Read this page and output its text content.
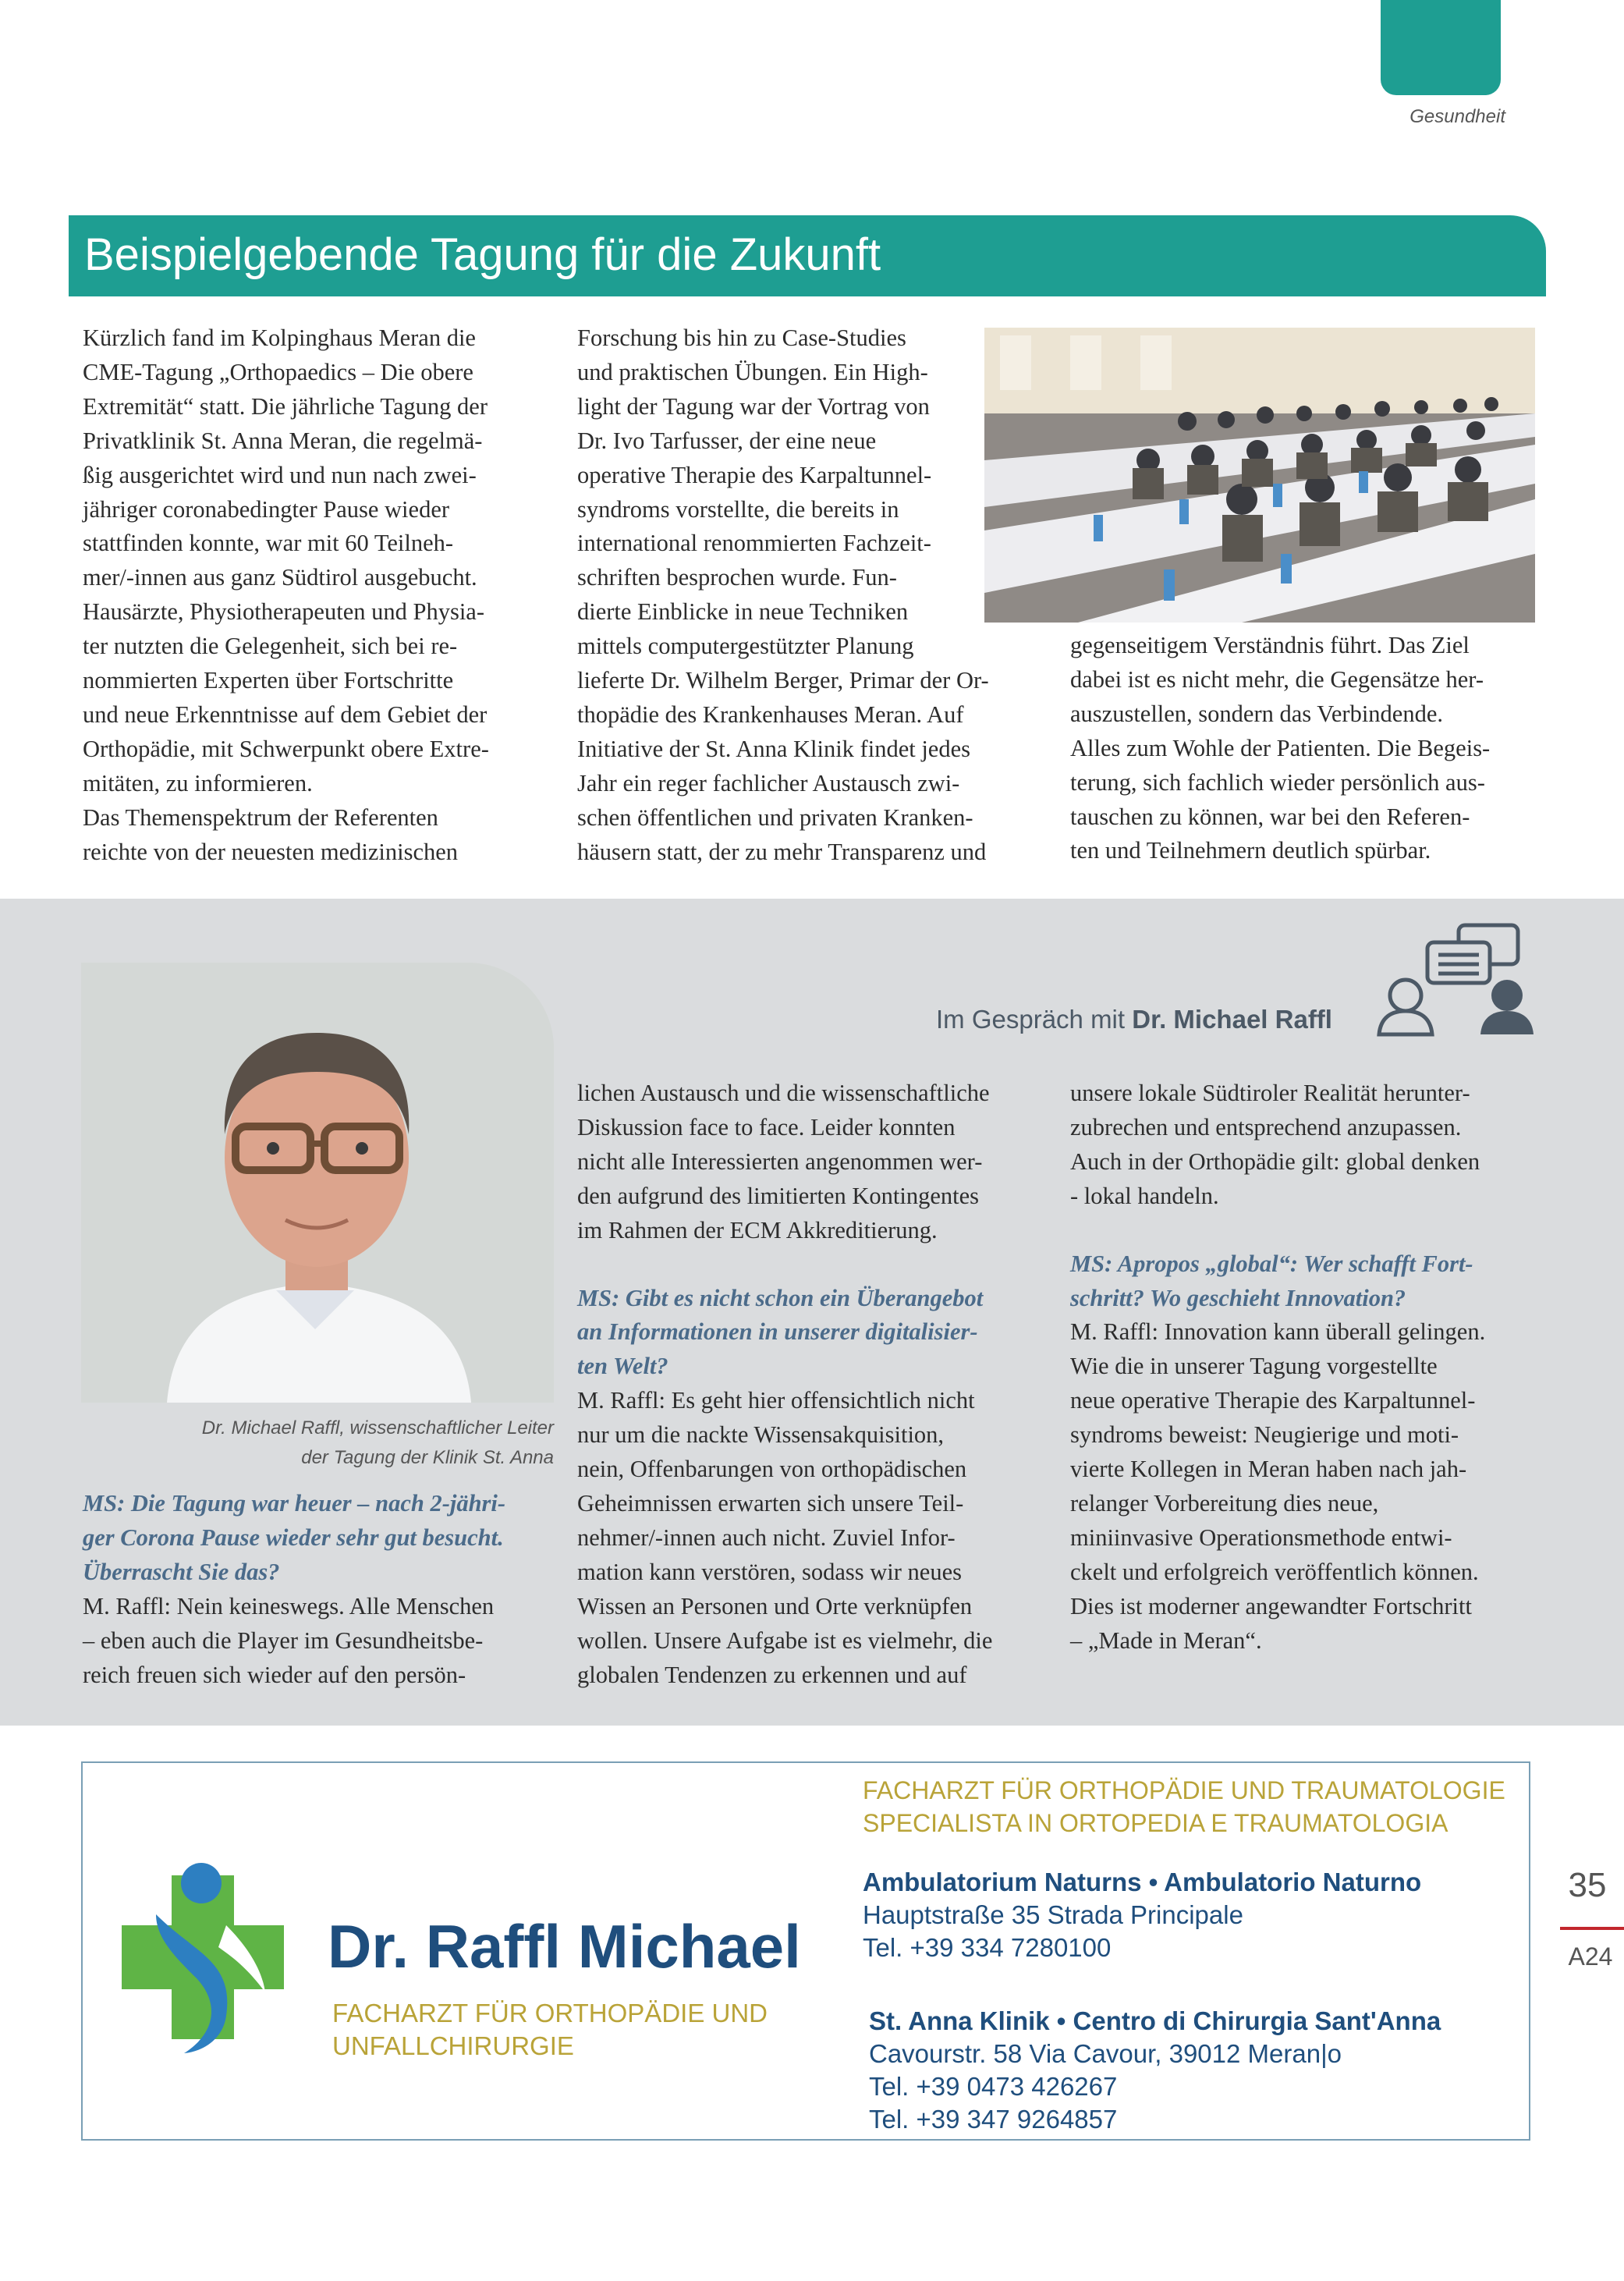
Gesundheit
Beispielgebende Tagung für die Zukunft
Kürzlich fand im Kolpinghaus Meran die
CME-Tagung „Orthopaedics – Die obere
Extremität“ statt. Die jährliche Tagung der
Privatklinik St. Anna Meran, die regelmä-
ßig ausgerichtet wird und nun nach zwei-
jähriger coronabedingter Pause wieder
stattfinden konnte, war mit 60 Teilneh-
mer/-innen aus ganz Südtirol ausgebucht.
Hausärzte, Physiotherapeuten und Physia-
ter nutzten die Gelegenheit, sich bei re-
nommierten Experten über Fortschritte
und neue Erkenntnisse auf dem Gebiet der
Orthopädie, mit Schwerpunkt obere Extre-
mitäten, zu informieren.
Das Themenspektrum der Referenten
reichte von der neuesten medizinischen
Forschung bis hin zu Case-Studies
und praktischen Übungen. Ein High-
light der Tagung war der Vortrag von
Dr. Ivo Tarfusser, der eine neue
operative Therapie des Karpaltunnel-
syndroms vorstellte, die bereits in
international renommierten Fachzeit-
schriften besprochen wurde. Fun-
dierte Einblicke in neue Techniken
mittels computergestützter Planung
lieferte Dr. Wilhelm Berger, Primar der Or-
thopädie des Krankenhauses Meran. Auf
Initiative der St. Anna Klinik findet jedes
Jahr ein reger fachlicher Austausch zwi-
schen öffentlichen und privaten Kranken-
häusern statt, der zu mehr Transparenz und
gegenseitigem Verständnis führt. Das Ziel
dabei ist es nicht mehr, die Gegensätze her-
auszustellen, sondern das Verbindende.
Alles zum Wohle der Patienten. Die Begeis-
terung, sich fachlich wieder persönlich aus-
tauschen zu können, war bei den Referen-
ten und Teilnehmern deutlich spürbar.
Dr. Michael Raffl, wissenschaftlicher Leiter
der Tagung der Klinik St. Anna
Im Gespräch mit Dr. Michael Raffl
MS: Die Tagung war heuer – nach 2-jähri-
ger Corona Pause wieder sehr gut besucht.
Überrascht Sie das?
M. Raffl: Nein keineswegs. Alle Menschen
– eben auch die Player im Gesundheitsbe-
reich freuen sich wieder auf den persön-
lichen Austausch und die wissenschaftliche
Diskussion face to face. Leider konnten
nicht alle Interessierten angenommen wer-
den aufgrund des limitierten Kontingentes
im Rahmen der ECM Akkreditierung.
MS: Gibt es nicht schon ein Überangebot
an Informationen in unserer digitalisier-
ten Welt?
M. Raffl: Es geht hier offensichtlich nicht
nur um die nackte Wissensakquisition,
nein, Offenbarungen von orthopädischen
Geheimnissen erwarten sich unsere Teil-
nehmer/-innen auch nicht. Zuviel Infor-
mation kann verstören, sodass wir neues
Wissen an Personen und Orte verknüpfen
wollen. Unsere Aufgabe ist es vielmehr, die
globalen Tendenzen zu erkennen und auf
unsere lokale Südtiroler Realität herunter-
zubrechen und entsprechend anzupassen.
Auch in der Orthopädie gilt: global denken
- lokal handeln.
MS: Apropos „global“: Wer schafft Fort-
schritt? Wo geschieht Innovation?
M. Raffl: Innovation kann überall gelingen.
Wie die in unserer Tagung vorgestellte
neue operative Therapie des Karpaltunnel-
syndroms beweist: Neugierige und moti-
vierte Kollegen in Meran haben nach jah-
relanger Vorbereitung dies neue,
miniinvasive Operationsmethode entwi-
ckelt und erfolgreich veröffentlich können.
Dies ist moderner angewandter Fortschritt
– „Made in Meran“.
Dr. Raffl Michael
FACHARZT FÜR ORTHOPÄDIE UND
UNFALLCHIRURGIE
FACHARZT FÜR ORTHOPÄDIE UND TRAUMATOLOGIE
SPECIALISTA IN ORTOPEDIA E TRAUMATOLOGIA
Ambulatorium Naturns • Ambulatorio Naturno
Hauptstraße 35 Strada Principale
Tel. +39 334 7280100
St. Anna Klinik • Centro di Chirurgia Sant'Anna
Cavourstr. 58 Via Cavour, 39012 Meran|o
Tel. +39 0473 426267
Tel. +39 347 9264857
35
A24
